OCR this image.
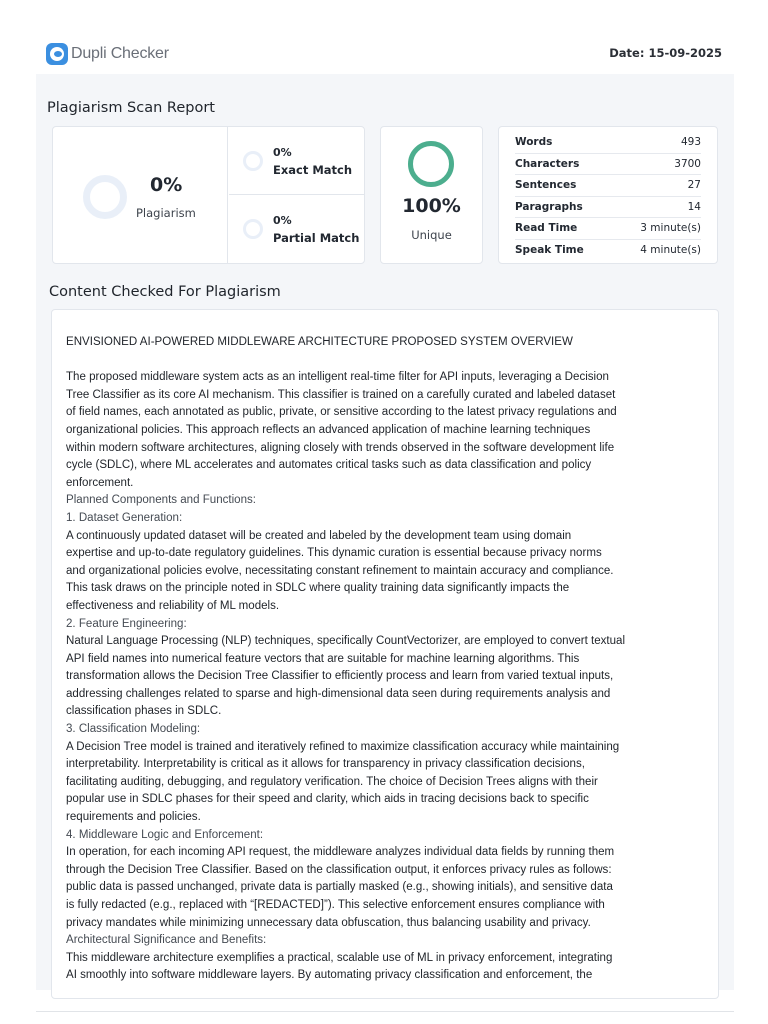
Dupli Checker	Date: 15-09-2025
Plagiarism Scan Report
0%
Plagiarism
0%
Exact Match
0%
Partial Match
100%
Unique
Words	493
Characters	3700
Sentences	27
Paragraphs	14
Read Time	3 minute(s)
Speak Time	4 minute(s)
Content Checked For Plagiarism
ENVISIONED AI-POWERED MIDDLEWARE ARCHITECTURE PROPOSED SYSTEM OVERVIEW
The proposed middleware system acts as an intelligent real-time filter for API inputs, leveraging a Decision
Tree Classifier as its core AI mechanism. This classifier is trained on a carefully curated and labeled dataset
of field names, each annotated as public, private, or sensitive according to the latest privacy regulations and
organizational policies. This approach reflects an advanced application of machine learning techniques
within modern software architectures, aligning closely with trends observed in the software development life
cycle (SDLC), where ML accelerates and automates critical tasks such as data classification and policy
enforcement.
Planned Components and Functions:
1. Dataset Generation:
A continuously updated dataset will be created and labeled by the development team using domain
expertise and up-to-date regulatory guidelines. This dynamic curation is essential because privacy norms
and organizational policies evolve, necessitating constant refinement to maintain accuracy and compliance.
This task draws on the principle noted in SDLC where quality training data significantly impacts the
effectiveness and reliability of ML models.
2. Feature Engineering:
Natural Language Processing (NLP) techniques, specifically CountVectorizer, are employed to convert textual
API field names into numerical feature vectors that are suitable for machine learning algorithms. This
transformation allows the Decision Tree Classifier to efficiently process and learn from varied textual inputs,
addressing challenges related to sparse and high-dimensional data seen during requirements analysis and
classification phases in SDLC.
3. Classification Modeling:
A Decision Tree model is trained and iteratively refined to maximize classification accuracy while maintaining
interpretability. Interpretability is critical as it allows for transparency in privacy classification decisions,
facilitating auditing, debugging, and regulatory verification. The choice of Decision Trees aligns with their
popular use in SDLC phases for their speed and clarity, which aids in tracing decisions back to specific
requirements and policies.
4. Middleware Logic and Enforcement:
In operation, for each incoming API request, the middleware analyzes individual data fields by running them
through the Decision Tree Classifier. Based on the classification output, it enforces privacy rules as follows:
public data is passed unchanged, private data is partially masked (e.g., showing initials), and sensitive data
is fully redacted (e.g., replaced with “[REDACTED]”). This selective enforcement ensures compliance with
privacy mandates while minimizing unnecessary data obfuscation, thus balancing usability and privacy.
Architectural Significance and Benefits:
This middleware architecture exemplifies a practical, scalable use of ML in privacy enforcement, integrating
AI smoothly into software middleware layers. By automating privacy classification and enforcement, the
